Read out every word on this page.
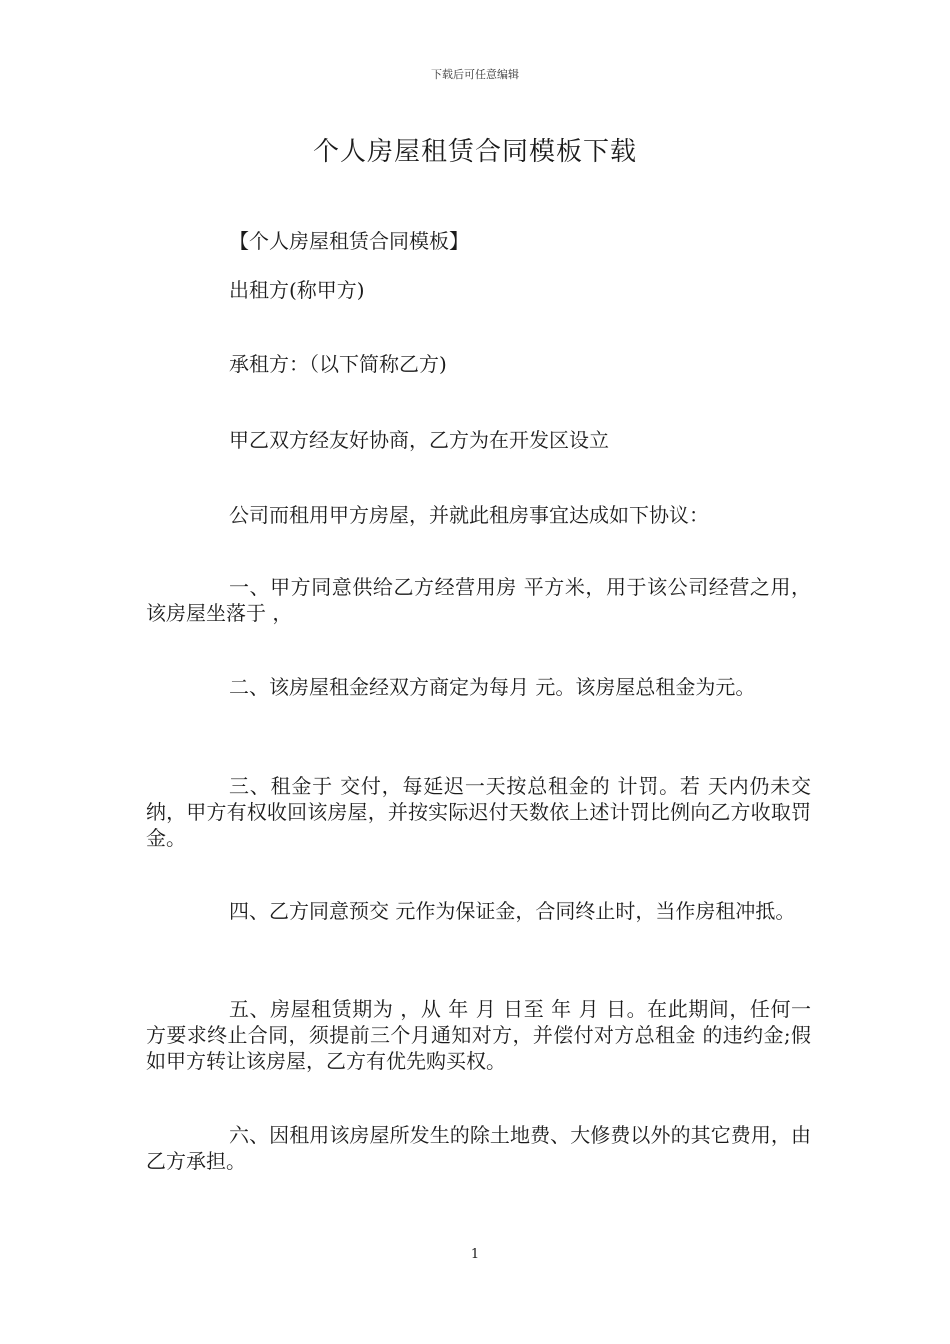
下载后可任意编辑
个人房屋租赁合同模板下载
【个人房屋租赁合同模板】
出租方(称甲方)
承租方：（以下简称乙方)
甲乙双方经友好协商，乙方为在开发区设立
公司而租用甲方房屋，并就此租房事宜达成如下协议：
一、甲方同意供给乙方经营用房 平方米，用于该公司经营之用，该房屋坐落于 ，
二、该房屋租金经双方商定为每月 元。该房屋总租金为元。
三、租金于 交付，每延迟一天按总租金的 计罚。若 天内仍未交纳，甲方有权收回该房屋，并按实际迟付天数依上述计罚比例向乙方收取罚金。
四、乙方同意预交 元作为保证金，合同终止时，当作房租冲抵。
五、房屋租赁期为 ，从 年 月 日至 年 月 日。在此期间，任何一方要求终止合同，须提前三个月通知对方，并偿付对方总租金 的违约金;假如甲方转让该房屋，乙方有优先购买权。
六、因租用该房屋所发生的除土地费、大修费以外的其它费用，由乙方承担。
1
